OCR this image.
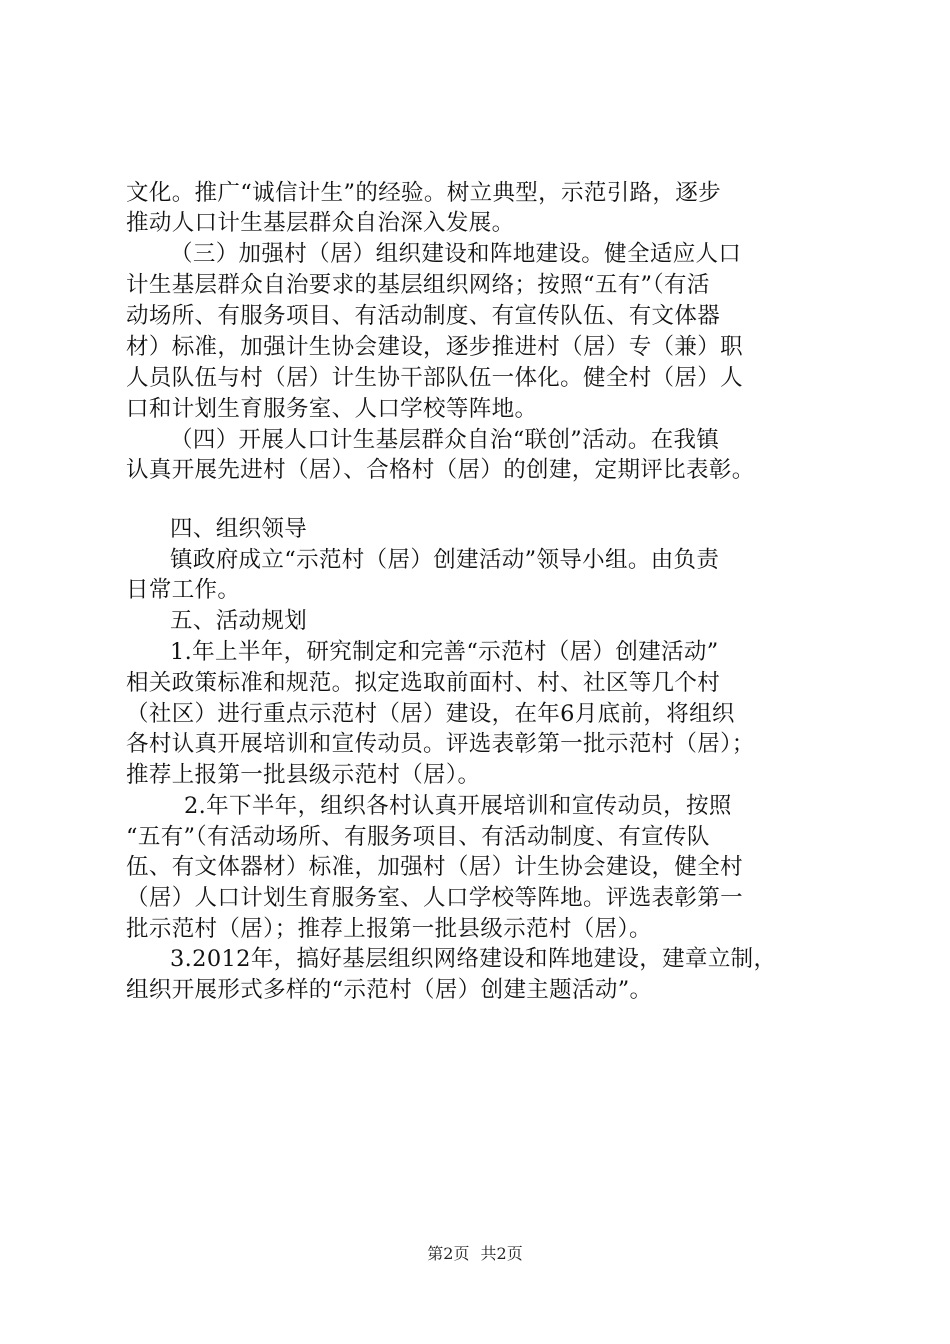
文化。推广“诚信计生”的经验。树立典型，示范引路，逐步
推动人口计生基层群众自治深入发展。
（三）加强村（居）组织建设和阵地建设。健全适应人口
计生基层群众自治要求的基层组织网络；按照“五有”（有活
动场所、有服务项目、有活动制度、有宣传队伍、有文体器
材）标准，加强计生协会建设，逐步推进村（居）专（兼）职
人员队伍与村（居）计生协干部队伍一体化。健全村（居）人
口和计划生育服务室、人口学校等阵地。
（四）开展人口计生基层群众自治“联创”活动。在我镇
认真开展先进村（居）、合格村（居）的创建，定期评比表彰。
四、组织领导
镇政府成立“示范村（居）创建活动”领导小组。由负责
日常工作。
五、活动规划
1.年上半年，研究制定和完善“示范村（居）创建活动”
相关政策标准和规范。拟定选取前面村、村、社区等几个村
（社区）进行重点示范村（居）建设，在年6月底前，将组织
各村认真开展培训和宣传动员。评选表彰第一批示范村（居）；
推荐上报第一批县级示范村（居）。
2.年下半年，组织各村认真开展培训和宣传动员，按照
“五有”（有活动场所、有服务项目、有活动制度、有宣传队
伍、有文体器材）标准，加强村（居）计生协会建设，健全村
（居）人口计划生育服务室、人口学校等阵地。评选表彰第一
批示范村（居）；推荐上报第一批县级示范村（居）。
3.2012年，搞好基层组织网络建设和阵地建设，建章立制，
组织开展形式多样的“示范村（居）创建主题活动”。
第2页 共2页
